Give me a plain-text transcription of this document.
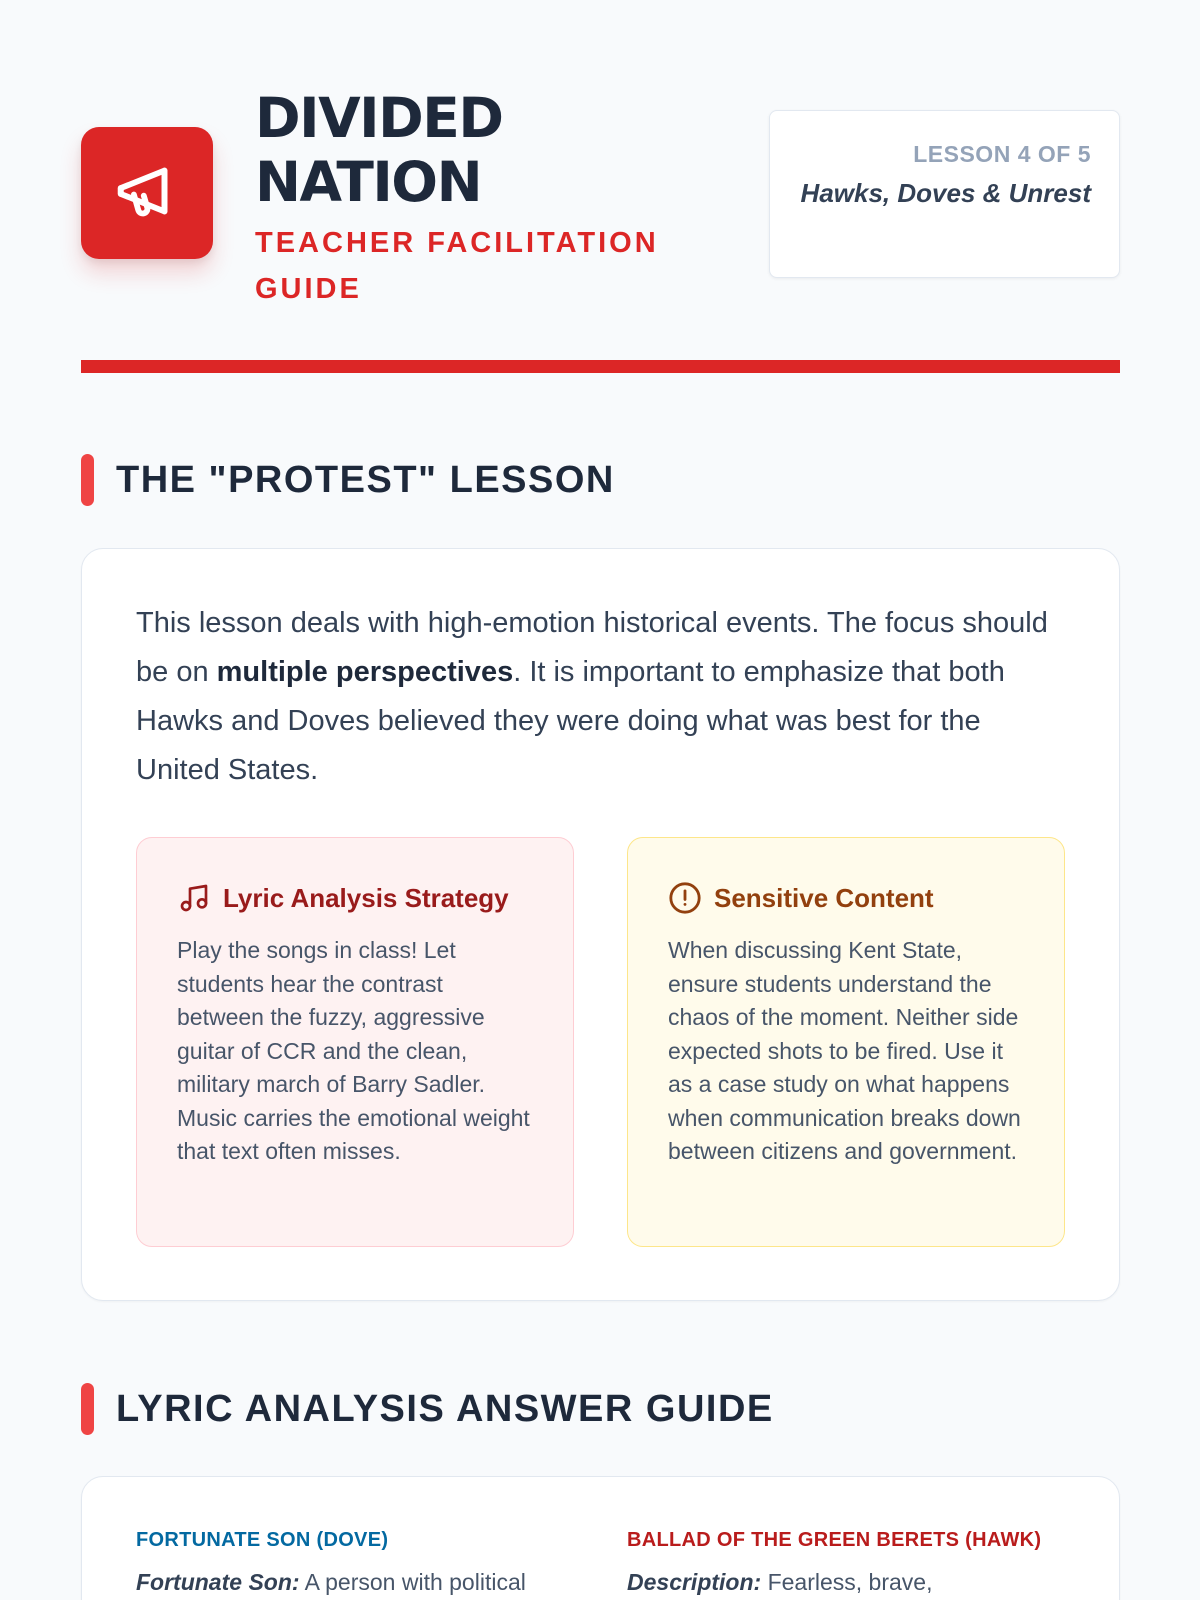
DIVIDED NATION
TEACHER FACILITATION GUIDE
LESSON 4 OF 5
Hawks, Doves & Unrest
THE "PROTEST" LESSON

This lesson deals with high-emotion historical events. The focus should be on multiple perspectives. It is important to emphasize that both Hawks and Doves believed they were doing what was best for the United States.

Lyric Analysis Strategy
Play the songs in class! Let students hear the contrast between the fuzzy, aggressive guitar of CCR and the clean, military march of Barry Sadler. Music carries the emotional weight that text often misses.
Sensitive Content
When discussing Kent State, ensure students understand the chaos of the moment. Neither side expected shots to be fired. Use it as a case study on what happens when communication breaks down between citizens and government.
LYRIC ANALYSIS ANSWER GUIDE
FORTUNATE SON (DOVE)
Fortunate Son: A person with political
BALLAD OF THE GREEN BERETS (HAWK)
Description: Fearless, brave,
